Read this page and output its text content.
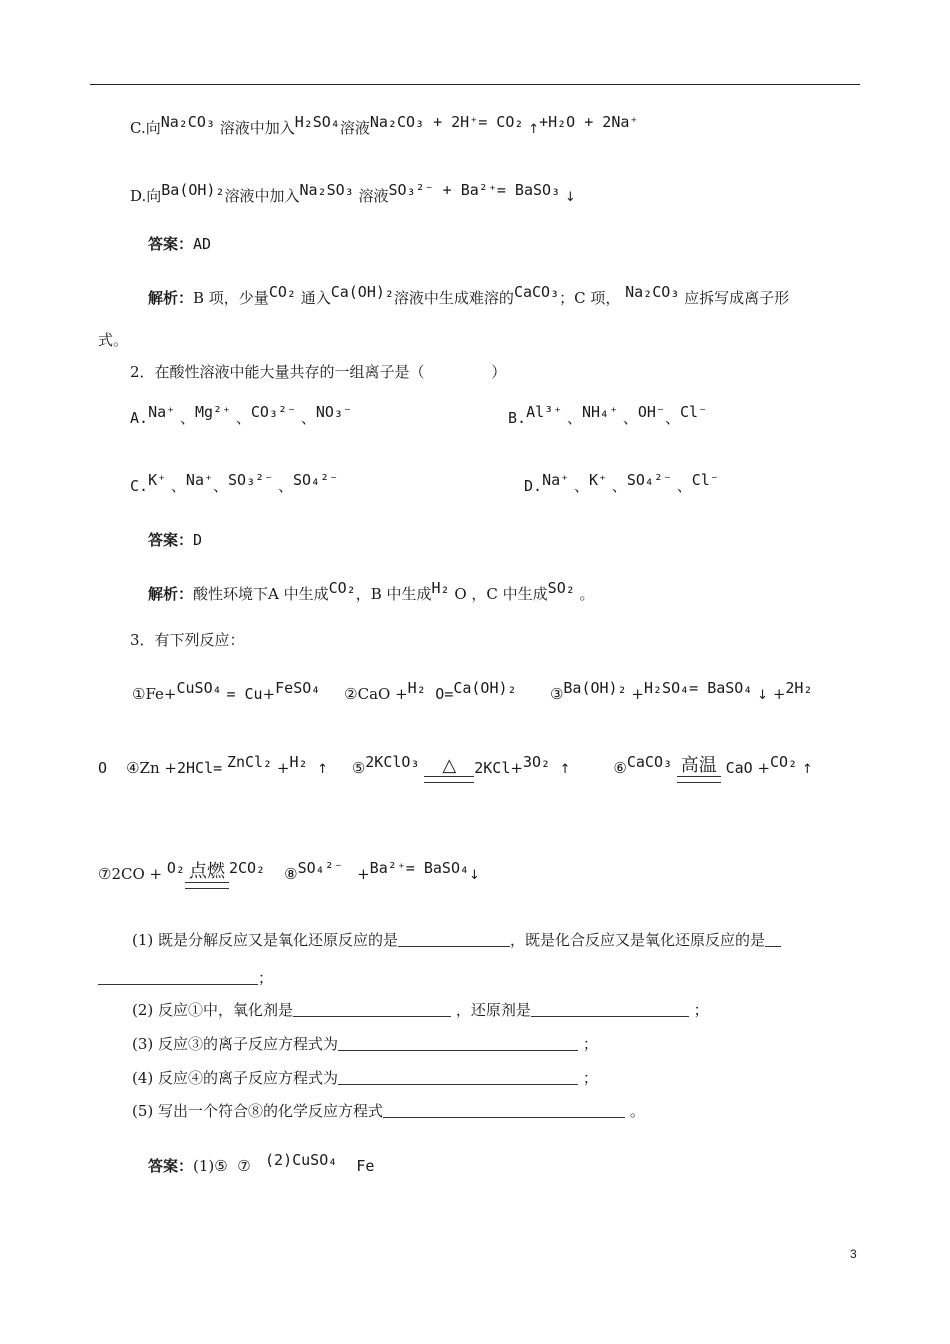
C.向Na₂CO₃ 溶液中加入H₂SO₄溶液Na₂CO₃ + 2H⁺= CO₂ ↑+H₂O + 2Na⁺
D.向Ba(OH)₂溶液中加入Na₂SO₃ 溶液SO₃²⁻ + Ba²⁺= BaSO₃ ↓
答案：AD
解析：B 项，少量CO₂ 通入Ca(OH)₂溶液中生成难溶的CaCO₃；C 项， Na₂CO₃ 应拆写成离子形
式。
2．在酸性溶液中能大量共存的一组离子是（              ）
A.Na⁺ 、Mg²⁺ 、CO₃²⁻ 、NO₃⁻	B.Al³⁺ 、NH₄⁺ 、OH⁻、Cl⁻
C.K⁺ 、Na⁺、SO₃²⁻ 、SO₄²⁻	D.Na⁺ 、K⁺ 、SO₄²⁻ 、Cl⁻
答案：D
解析：酸性环境下A 中生成CO₂，B 中生成H₂ O ，C 中生成SO₂ 。
3．有下列反应：
①Fe+CuSO₄ = Cu+FeSO₄ ②CaO +H₂ O=Ca(OH)₂ ③Ba(OH)₂ +H₂SO₄= BaSO₄ ↓ +2H₂
O ④Zn +2HCl= ZnCl₂ +H₂ ↑ ⑤2KClO₃	△	2KCl+3O₂ ↑	⑥CaCO₃ 高温 CaO +CO₂ ↑
⑦2CO + O₂ 点燃 2CO₂ ⑧SO₄²⁻ +Ba²⁺= BaSO₄↓
(1) 既是分解反应又是氧化还原反应的是	，既是化合反应又是氧化还原反应的是
；
(2) 反应①中，氧化剂是	，还原剂是	；
(3) 反应③的离子反应方程式为	；
(4) 反应④的离子反应方程式为	；
(5) 写出一个符合⑧的化学反应方程式	。
答案：(1)⑤  ⑦ (2)CuSO₄ Fe
3
